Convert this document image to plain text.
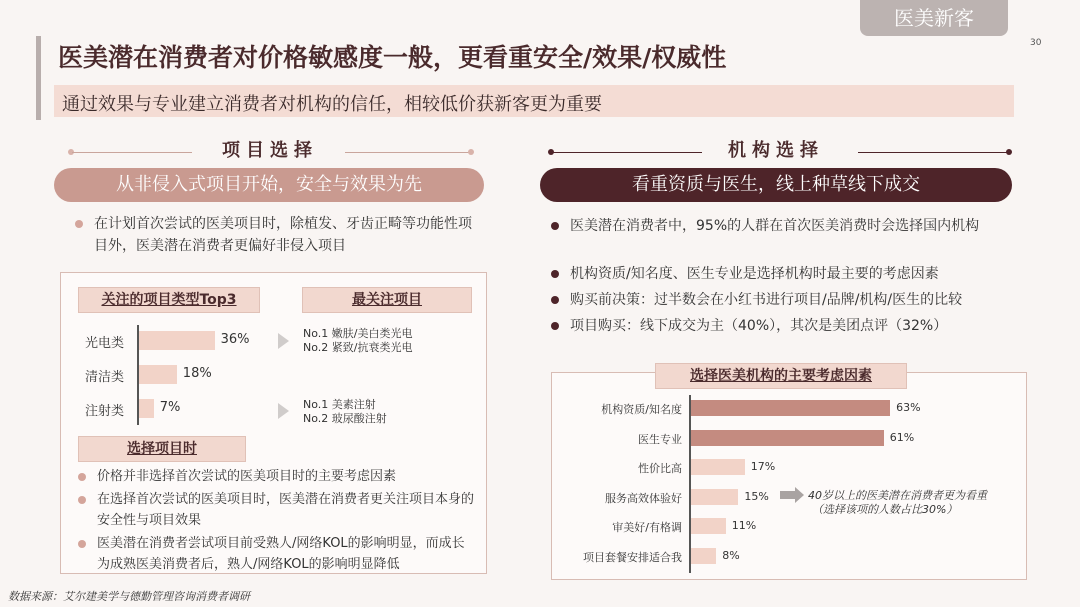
医美新客
30
医美潜在消费者对价格敏感度一般，更看重安全/效果/权威性
通过效果与专业建立消费者对机构的信任，相较低价获新客更为重要
项目选择
从非侵入式项目开始，安全与效果为先
在计划首次尝试的医美项目时，除植发、牙齿正畸等功能性项目外，医美潜在消费者更偏好非侵入项目
机构选择
看重资质与医生，线上种草线下成交
医美潜在消费者中，95%的人群在首次医美消费时会选择国内机构
机构资质/知名度、医生专业是选择机构时最主要的考虑因素
购买前决策：过半数会在小红书进行项目/品牌/机构/医生的比较
项目购买：线下成交为主（40%），其次是美团点评（32%）
关注的项目类型Top3	最关注项目
光电类	36%
清洁类	18%
注射类	7%
No.1 嫩肤/美白类光电
No.2 紧致/抗衰类光电
No.1 美素注射
No.2 玻尿酸注射
选择项目时
价格并非选择首次尝试的医美项目时的主要考虑因素
在选择首次尝试的医美项目时，医美潜在消费者更关注项目本身的安全性与项目效果
医美潜在消费者尝试项目前受熟人/网络KOL的影响明显，而成长为成熟医美消费者后，熟人/网络KOL的影响明显降低
选择医美机构的主要考虑因素
机构资质/知名度	63%
医生专业	61%
性价比高	17%
服务高效体验好	15%
审美好/有格调	11%
项目套餐安排适合我	8%
40岁以上的医美潜在消费者更为看重
（选择该项的人数占比30%）
数据来源：艾尔建美学与德勤管理咨询消费者调研
